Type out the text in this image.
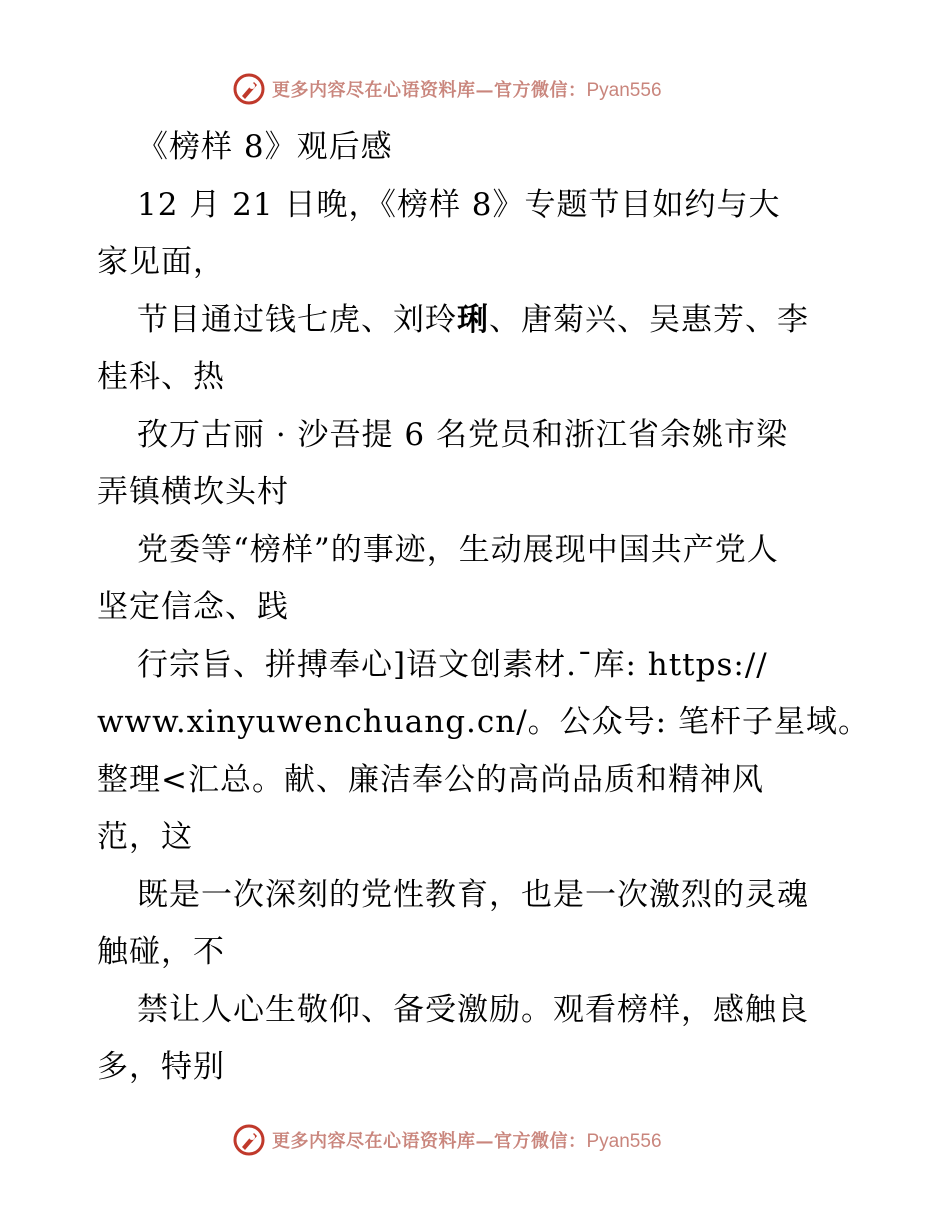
更多内容尽在心语资料库—官方微信：Pyan556
《榜样 8》观后感
12 月 21 日晚，《榜样 8》专题节目如约与大
家见面，
节目通过钱七虎、刘玲琍、唐菊兴、吴惠芳、李
桂科、热
孜万古丽 · 沙吾提 6 名党员和浙江省余姚市梁
弄镇横坎头村
党委等“榜样”的事迹，生动展现中国共产党人
坚定信念、践
行宗旨、拼搏奉心]语文创素材.¯库: https://
www.xinyuwenchuang.cn/。公众号: 笔杆子星域。
整理<汇总。献、廉洁奉公的高尚品质和精神风
范，这
既是一次深刻的党性教育，也是一次激烈的灵魂
触碰，不
禁让人心生敬仰、备受激励。观看榜样，感触良
多，特别
更多内容尽在心语资料库—官方微信：Pyan556
